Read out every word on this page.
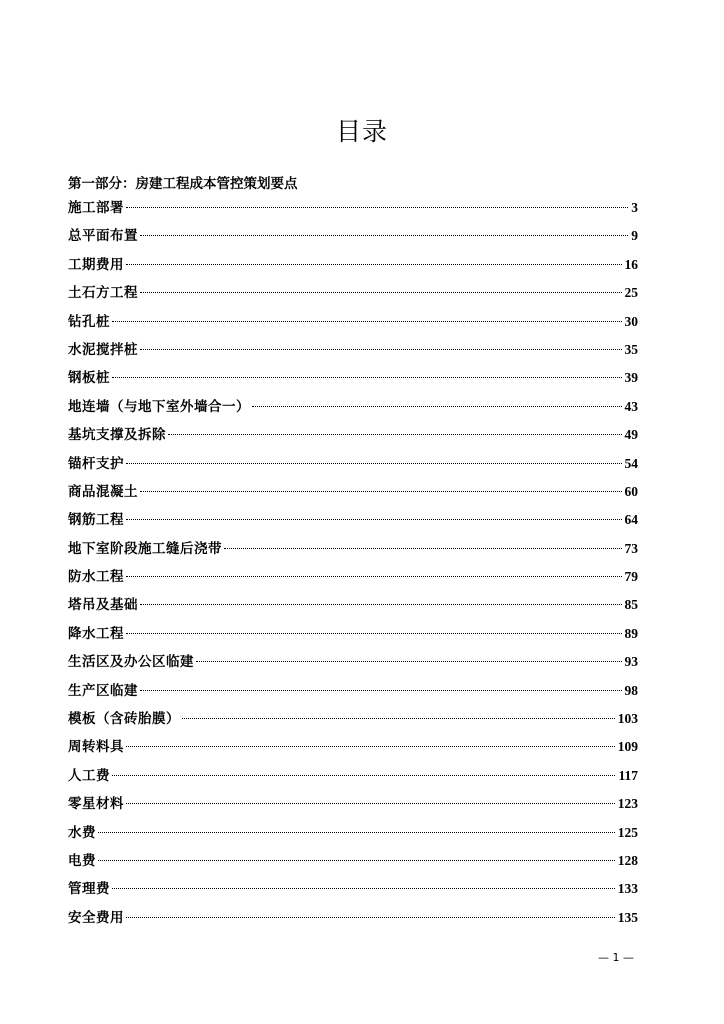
目录
第一部分：房建工程成本管控策划要点
施工部署	3
总平面布置	9
工期费用	16
土石方工程	25
钻孔桩	30
水泥搅拌桩	35
钢板桩	39
地连墙（与地下室外墙合一）	43
基坑支撑及拆除	49
锚杆支护	54
商品混凝土	60
钢筋工程	64
地下室阶段施工缝后浇带	73
防水工程	79
塔吊及基础	85
降水工程	89
生活区及办公区临建	93
生产区临建	98
模板（含砖胎膜）	103
周转料具	109
人工费	117
零星材料	123
水费	125
电费	128
管理费	133
安全费用	135
— 1 —
